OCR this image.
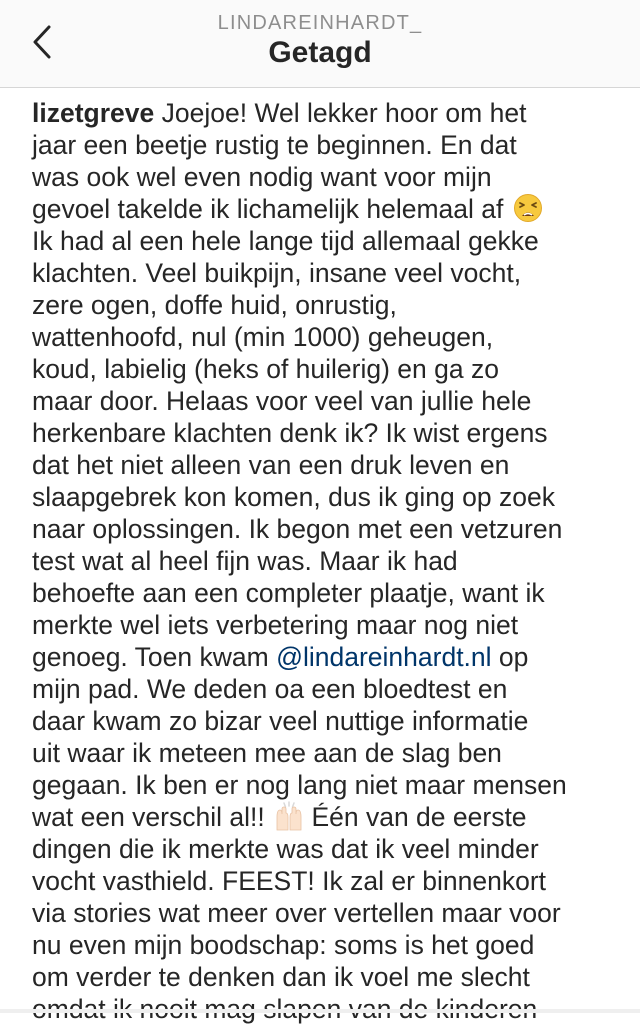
LINDAREINHARDT_
Getagd
lizetgreve Joejoe! Wel lekker hoor om het
jaar een beetje rustig te beginnen. En dat
was ook wel even nodig want voor mijn
gevoel takelde ik lichamelijk helemaal af
Ik had al een hele lange tijd allemaal gekke
klachten. Veel buikpijn, insane veel vocht,
zere ogen, doffe huid, onrustig,
wattenhoofd, nul (min 1000) geheugen,
koud, labielig (heks of huilerig) en ga zo
maar door. Helaas voor veel van jullie hele
herkenbare klachten denk ik? Ik wist ergens
dat het niet alleen van een druk leven en
slaapgebrek kon komen, dus ik ging op zoek
naar oplossingen. Ik begon met een vetzuren
test wat al heel fijn was. Maar ik had
behoefte aan een completer plaatje, want ik
merkte wel iets verbetering maar nog niet
genoeg. Toen kwam @lindareinhardt.nl op
mijn pad. We deden oa een bloedtest en
daar kwam zo bizar veel nuttige informatie
uit waar ik meteen mee aan de slag ben
gegaan. Ik ben er nog lang niet maar mensen
wat een verschil al!!  Één van de eerste
dingen die ik merkte was dat ik veel minder
vocht vasthield. FEEST! Ik zal er binnenkort
via stories wat meer over vertellen maar voor
nu even mijn boodschap: soms is het goed
om verder te denken dan ik voel me slecht
